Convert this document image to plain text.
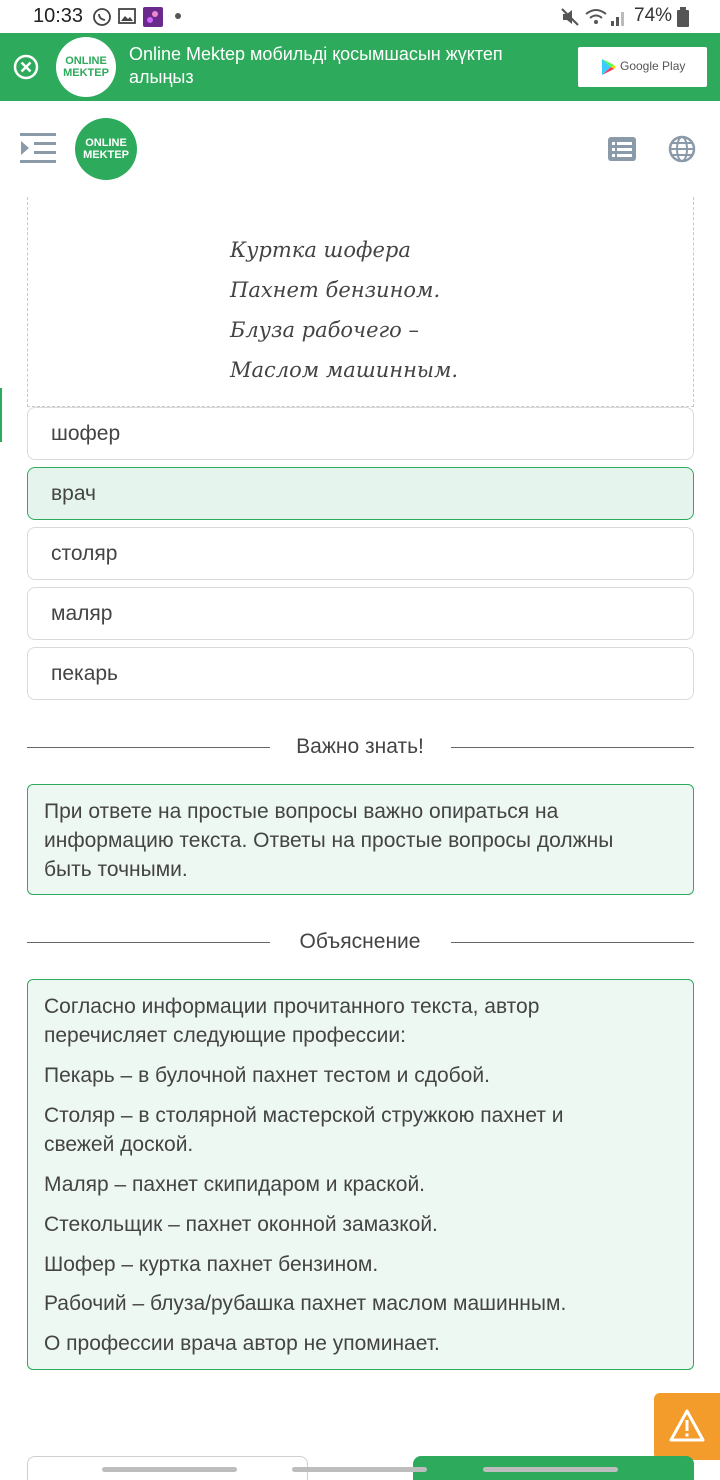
10:33	74%
ONLINE
MEKTEP
Online Mektep мобильді қосымшасын жүктеп алыңыз
Google Play
ONLINE
MEKTEP
Куртка шофера
Пахнет бензином.
Блуза рабочего –
Маслом машинным.
шофер
врач
столяр
маляр
пекарь
Важно знать!
При ответе на простые вопросы важно опираться на
информацию текста. Ответы на простые вопросы должны
быть точными.
Объяснение
Согласно информации прочитанного текста, автор
перечисляет следующие профессии:
Пекарь – в булочной пахнет тестом и сдобой.
Столяр – в столярной мастерской стружкою пахнет и
свежей доской.
Маляр – пахнет скипидаром и краской.
Стекольщик – пахнет оконной замазкой.
Шофер – куртка пахнет бензином.
Рабочий – блуза/рубашка пахнет маслом машинным.
О профессии врача автор не упоминает.
